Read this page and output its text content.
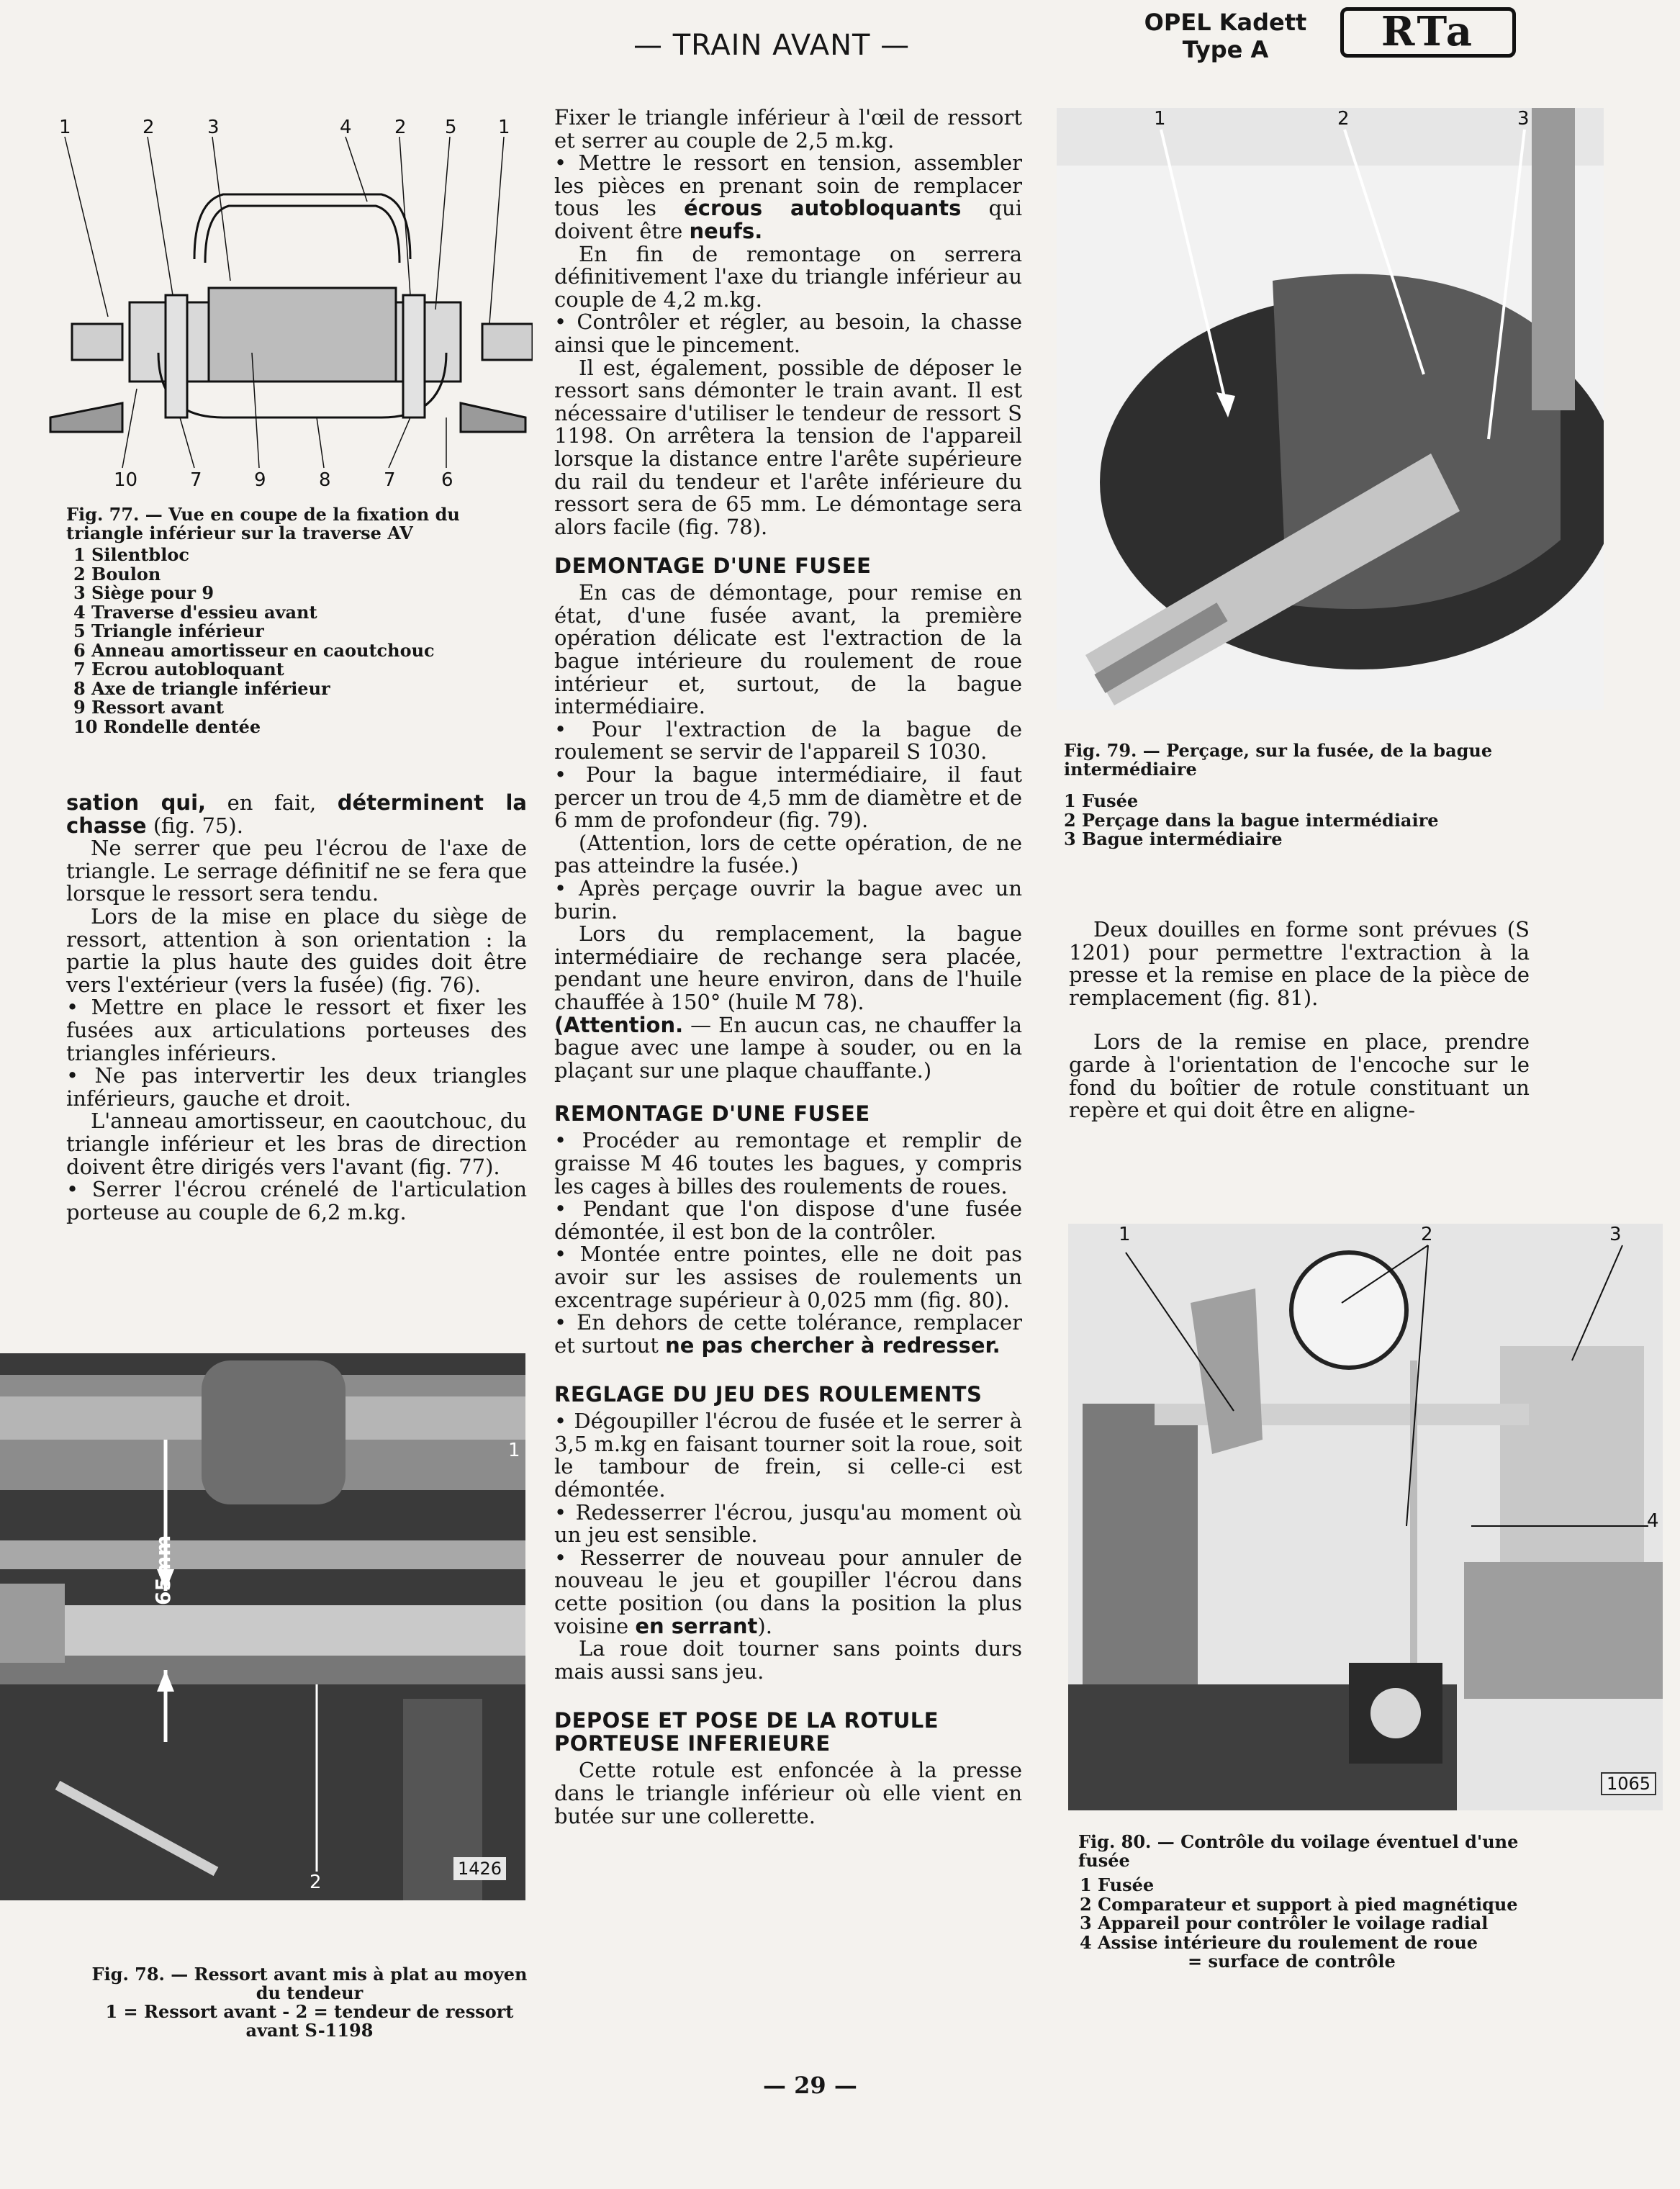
— TRAIN AVANT —
OPEL Kadett
Type A	RTa
1	2	3	4 2 5 1
10	7	9	8	7 6
Fig. 77. — Vue en coupe de la fixation du triangle inférieur sur la traverse AV
1 Silentbloc
2 Boulon
3 Siège pour 9
4 Traverse d'essieu avant
5 Triangle inférieur
6 Anneau amortisseur en caoutchouc
7 Ecrou autobloquant
8 Axe de triangle inférieur
9 Ressort avant
10 Rondelle dentée

sation qui, en fait, déterminent la chasse (fig. 75).

Ne serrer que peu l'écrou de l'axe de triangle. Le serrage définitif ne se fera que lorsque le ressort sera tendu.

Lors de la mise en place du siège de ressort, attention à son orientation : la partie la plus haute des guides doit être vers l'extérieur (vers la fusée) (fig. 76).

• Mettre en place le ressort et fixer les fusées aux articulations porteuses des triangles inférieurs.

• Ne pas intervertir les deux triangles inférieurs, gauche et droit.

L'anneau amortisseur, en caoutchouc, du triangle inférieur et les bras de direction doivent être dirigés vers l'avant (fig. 77).

• Serrer l'écrou crénelé de l'articulation porteuse au couple de 6,2 m.kg.

65mm
1
2
1426

Fig. 78. — Ressort avant mis à plat au moyen du tendeur

1 = Ressort avant - 2 = tendeur de ressort avant S-1198

Fixer le triangle inférieur à l'œil de ressort et serrer au couple de 2,5 m.kg.

• Mettre le ressort en tension, assembler les pièces en prenant soin de remplacer tous les écrous autobloquants qui doivent être neufs.

En fin de remontage on serrera définitivement l'axe du triangle inférieur au couple de 4,2 m.kg.

• Contrôler et régler, au besoin, la chasse ainsi que le pincement.

Il est, également, possible de déposer le ressort sans démonter le train avant. Il est nécessaire d'utiliser le tendeur de ressort S 1198. On arrêtera la tension de l'appareil lorsque la distance entre l'arête supérieure du rail du tendeur et l'arête inférieure du ressort sera de 65 mm. Le démontage sera alors facile (fig. 78).

DEMONTAGE D'UNE FUSEE

En cas de démontage, pour remise en état, d'une fusée avant, la première opération délicate est l'extraction de la bague intérieure du roulement de roue intérieur et, surtout, de la bague intermédiaire.

• Pour l'extraction de la bague de roulement se servir de l'appareil S 1030.

• Pour la bague intermédiaire, il faut percer un trou de 4,5 mm de diamètre et de 6 mm de profondeur (fig. 79).

(Attention, lors de cette opération, de ne pas atteindre la fusée.)

• Après perçage ouvrir la bague avec un burin.

Lors du remplacement, la bague intermédiaire de rechange sera placée, pendant une heure environ, dans de l'huile chauffée à 150° (huile M 78).

(Attention. — En aucun cas, ne chauffer la bague avec une lampe à souder, ou en la plaçant sur une plaque chauffante.)

REMONTAGE D'UNE FUSEE

• Procéder au remontage et remplir de graisse M 46 toutes les bagues, y compris les cages à billes des roulements de roues.

• Pendant que l'on dispose d'une fusée démontée, il est bon de la contrôler.

• Montée entre pointes, elle ne doit pas avoir sur les assises de roulements un excentrage supérieur à 0,025 mm (fig. 80).

• En dehors de cette tolérance, remplacer et surtout ne pas chercher à redresser.

REGLAGE DU JEU DES ROULEMENTS

• Dégoupiller l'écrou de fusée et le serrer à 3,5 m.kg en faisant tourner soit la roue, soit le tambour de frein, si celle-ci est démontée.

• Redesserrer l'écrou, jusqu'au moment où un jeu est sensible.

• Resserrer de nouveau pour annuler de nouveau le jeu et goupiller l'écrou dans cette position (ou dans la position la plus voisine en serrant).

La roue doit tourner sans points durs mais aussi sans jeu.

DEPOSE ET POSE DE LA ROTULE PORTEUSE INFERIEURE

Cette rotule est enfoncée à la presse dans le triangle inférieur où elle vient en butée sur une collerette.

1	2	3
Fig. 79. — Perçage, sur la fusée, de la bague intermédiaire
1 Fusée
2 Perçage dans la bague intermédiaire
3 Bague intermédiaire

Deux douilles en forme sont prévues (S 1201) pour permettre l'extraction à la presse et la remise en place de la pièce de remplacement (fig. 81).

Lors de la remise en place, prendre garde à l'orientation de l'encoche sur le fond du boîtier de rotule constituant un repère et qui doit être en aligne-

1	2	3
4
1065
Fig. 80. — Contrôle du voilage éventuel d'une fusée
1 Fusée
2 Comparateur et support à pied magnétique
3 Appareil pour contrôler le voilage radial
4 Assise intérieure du roulement de roue
= surface de contrôle
— 29 —
